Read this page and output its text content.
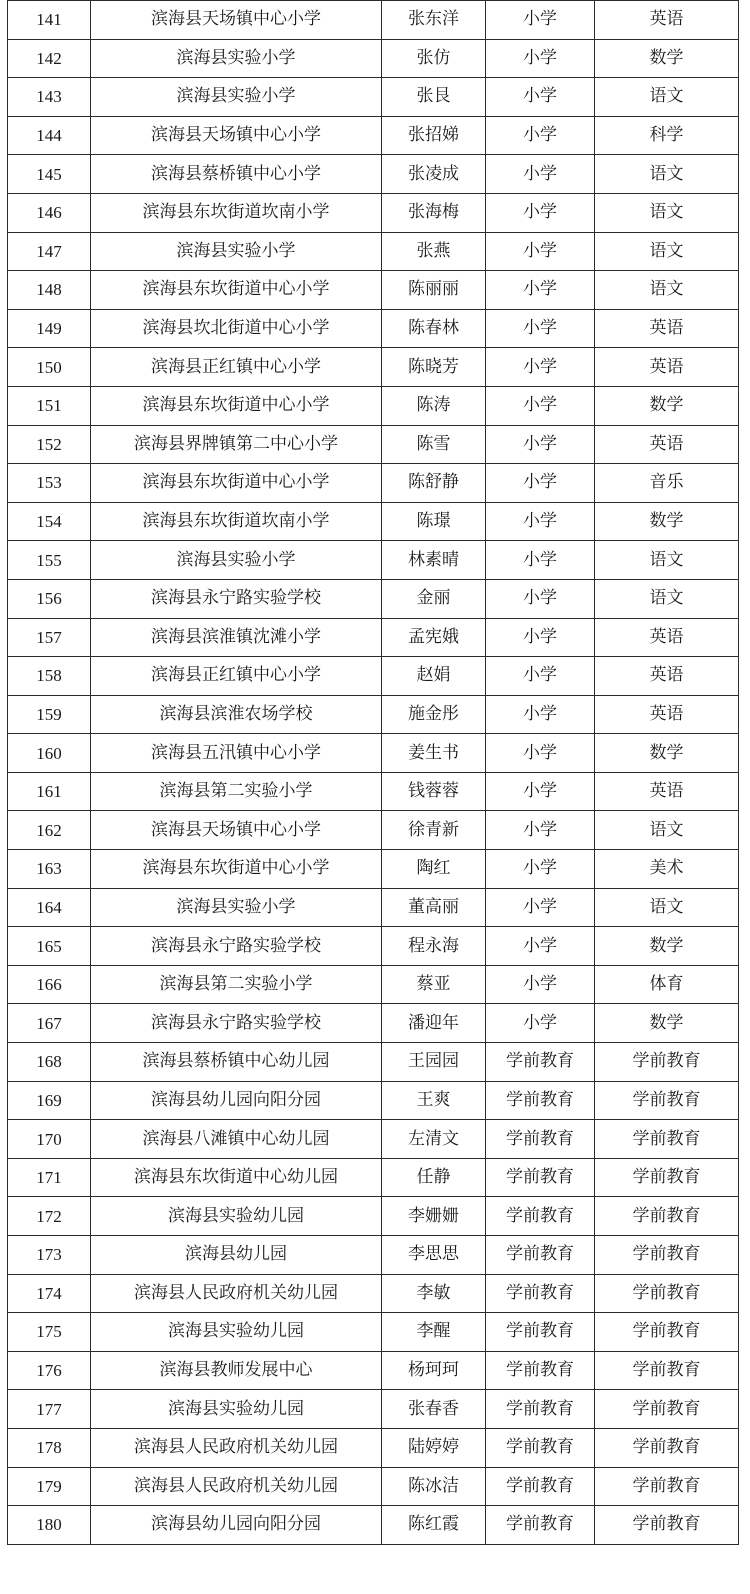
141	滨海县天场镇中心小学	张东洋	小学	英语
142	滨海县实验小学	张仿	小学	数学
143	滨海县实验小学	张艮	小学	语文
144	滨海县天场镇中心小学	张招娣	小学	科学
145	滨海县蔡桥镇中心小学	张凌成	小学	语文
146	滨海县东坎街道坎南小学	张海梅	小学	语文
147	滨海县实验小学	张燕	小学	语文
148	滨海县东坎街道中心小学	陈丽丽	小学	语文
149	滨海县坎北街道中心小学	陈春林	小学	英语
150	滨海县正红镇中心小学	陈晓芳	小学	英语
151	滨海县东坎街道中心小学	陈涛	小学	数学
152	滨海县界牌镇第二中心小学	陈雪	小学	英语
153	滨海县东坎街道中心小学	陈舒静	小学	音乐
154	滨海县东坎街道坎南小学	陈璟	小学	数学
155	滨海县实验小学	林素晴	小学	语文
156	滨海县永宁路实验学校	金丽	小学	语文
157	滨海县滨淮镇沈滩小学	孟宪娥	小学	英语
158	滨海县正红镇中心小学	赵娟	小学	英语
159	滨海县滨淮农场学校	施金彤	小学	英语
160	滨海县五汛镇中心小学	姜生书	小学	数学
161	滨海县第二实验小学	钱蓉蓉	小学	英语
162	滨海县天场镇中心小学	徐青新	小学	语文
163	滨海县东坎街道中心小学	陶红	小学	美术
164	滨海县实验小学	董高丽	小学	语文
165	滨海县永宁路实验学校	程永海	小学	数学
166	滨海县第二实验小学	蔡亚	小学	体育
167	滨海县永宁路实验学校	潘迎年	小学	数学
168	滨海县蔡桥镇中心幼儿园	王园园	学前教育	学前教育
169	滨海县幼儿园向阳分园	王爽	学前教育	学前教育
170	滨海县八滩镇中心幼儿园	左清文	学前教育	学前教育
171	滨海县东坎街道中心幼儿园	任静	学前教育	学前教育
172	滨海县实验幼儿园	李姗姗	学前教育	学前教育
173	滨海县幼儿园	李思思	学前教育	学前教育
174	滨海县人民政府机关幼儿园	李敏	学前教育	学前教育
175	滨海县实验幼儿园	李醒	学前教育	学前教育
176	滨海县教师发展中心	杨珂珂	学前教育	学前教育
177	滨海县实验幼儿园	张春香	学前教育	学前教育
178	滨海县人民政府机关幼儿园	陆婷婷	学前教育	学前教育
179	滨海县人民政府机关幼儿园	陈冰洁	学前教育	学前教育
180	滨海县幼儿园向阳分园	陈红霞	学前教育	学前教育
